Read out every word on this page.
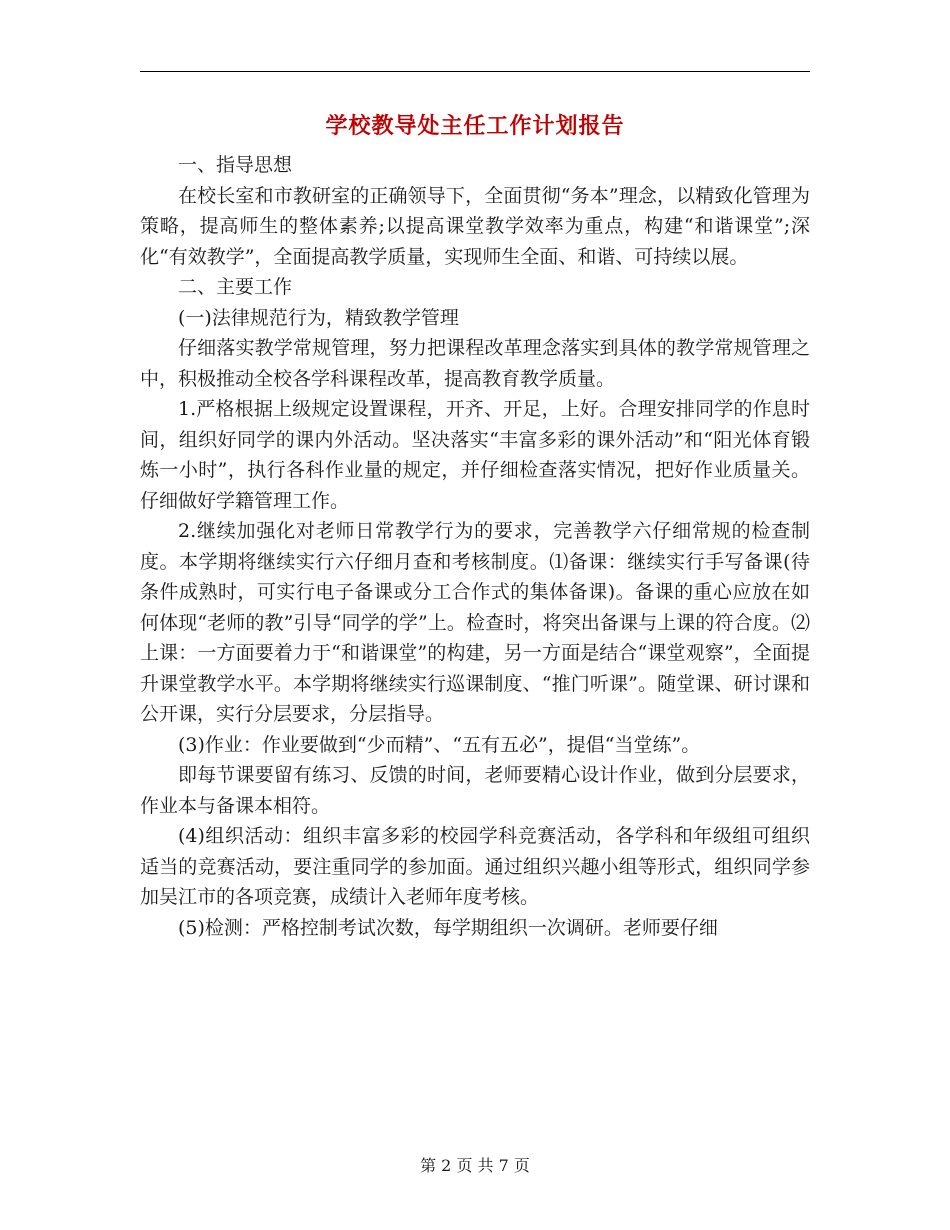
学校教导处主任工作计划报告

一、指导思想

在校长室和市教研室的正确领导下，全面贯彻“务本”理念，以精致化管理为策略，提高师生的整体素养;以提高课堂教学效率为重点，构建“和谐课堂”;深化“有效教学”，全面提高教学质量，实现师生全面、和谐、可持续以展。

二、主要工作

(一)法律规范行为，精致教学管理

仔细落实教学常规管理，努力把课程改革理念落实到具体的教学常规管理之中，积极推动全校各学科课程改革，提高教育教学质量。

1.严格根据上级规定设置课程，开齐、开足，上好。合理安排同学的作息时间，组织好同学的课内外活动。坚决落实“丰富多彩的课外活动”和“阳光体育锻炼一小时”，执行各科作业量的规定，并仔细检查落实情况，把好作业质量关。仔细做好学籍管理工作。

2.继续加强化对老师日常教学行为的要求，完善教学六仔细常规的检查制度。本学期将继续实行六仔细月查和考核制度。⑴备课：继续实行手写备课(待条件成熟时，可实行电子备课或分工合作式的集体备课)。备课的重心应放在如何体现“老师的教”引导“同学的学”上。检查时，将突出备课与上课的符合度。⑵上课：一方面要着力于“和谐课堂”的构建，另一方面是结合“课堂观察”，全面提升课堂教学水平。本学期将继续实行巡课制度、“推门听课”。随堂课、研讨课和公开课，实行分层要求，分层指导。

(3)作业：作业要做到“少而精”、“五有五必”，提倡“当堂练”。

即每节课要留有练习、反馈的时间，老师要精心设计作业，做到分层要求，作业本与备课本相符。

(4)组织活动：组织丰富多彩的校园学科竞赛活动，各学科和年级组可组织适当的竞赛活动，要注重同学的参加面。通过组织兴趣小组等形式，组织同学参加吴江市的各项竞赛，成绩计入老师年度考核。

(5)检测：严格控制考试次数，每学期组织一次调研。老师要仔细

第 2 页 共 7 页
